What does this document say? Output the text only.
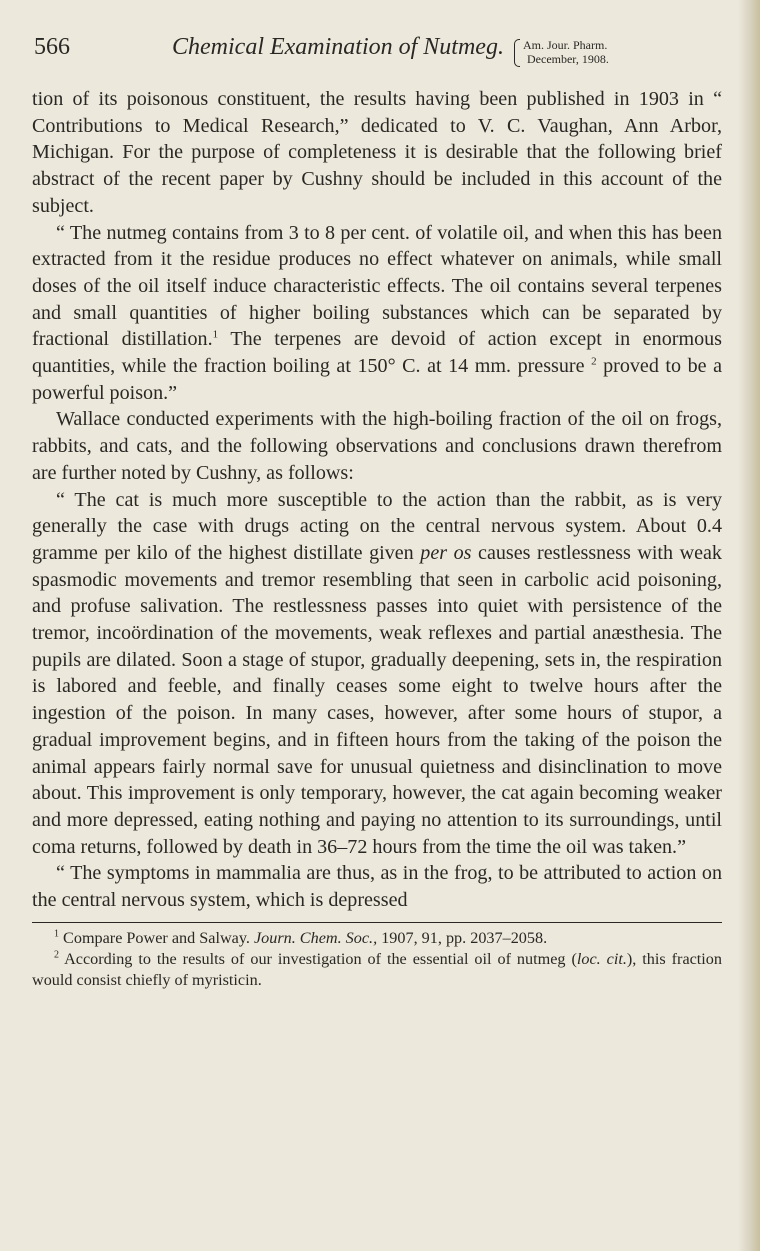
566	Chemical Examination of Nutmeg. Am. Jour. Pharm.
December, 1908.

tion of its poisonous constituent, the results having been published in 1903 in “ Contributions to Medical Research,” dedicated to V. C. Vaughan, Ann Arbor, Michigan. For the purpose of completeness it is desirable that the following brief abstract of the recent paper by Cushny should be included in this account of the subject.

“ The nutmeg contains from 3 to 8 per cent. of volatile oil, and when this has been extracted from it the residue produces no effect whatever on animals, while small doses of the oil itself induce characteristic effects. The oil contains several terpenes and small quantities of higher boiling substances which can be separated by fractional distillation.$^1$ The terpenes are devoid of action except in enormous quantities, while the fraction boiling at 150° C. at 14 mm. pressure $^2$ proved to be a powerful poison.”

Wallace conducted experiments with the high-boiling fraction of the oil on frogs, rabbits, and cats, and the following observations and conclusions drawn therefrom are further noted by Cushny, as follows:

“ The cat is much more susceptible to the action than the rabbit, as is very generally the case with drugs acting on the central nervous system. About 0.4 gramme per kilo of the highest distillate given per os causes restlessness with weak spasmodic movements and tremor resembling that seen in carbolic acid poisoning, and profuse salivation. The restlessness passes into quiet with persistence of the tremor, incoördination of the movements, weak reflexes and partial anæsthesia. The pupils are dilated. Soon a stage of stupor, gradually deepening, sets in, the respiration is labored and feeble, and finally ceases some eight to twelve hours after the ingestion of the poison. In many cases, however, after some hours of stupor, a gradual improvement begins, and in fifteen hours from the taking of the poison the animal appears fairly normal save for unusual quietness and disinclination to move about. This improvement is only temporary, however, the cat again becoming weaker and more depressed, eating nothing and paying no attention to its surroundings, until coma returns, followed by death in 36–72 hours from the time the oil was taken.”

“ The symptoms in mammalia are thus, as in the frog, to be attributed to action on the central nervous system, which is depressed

$^1$ Compare Power and Salway. Journ. Chem. Soc., 1907, 91, pp. 2037–2058.

$^2$ According to the results of our investigation of the essential oil of nutmeg (loc. cit.), this fraction would consist chiefly of myristicin.
